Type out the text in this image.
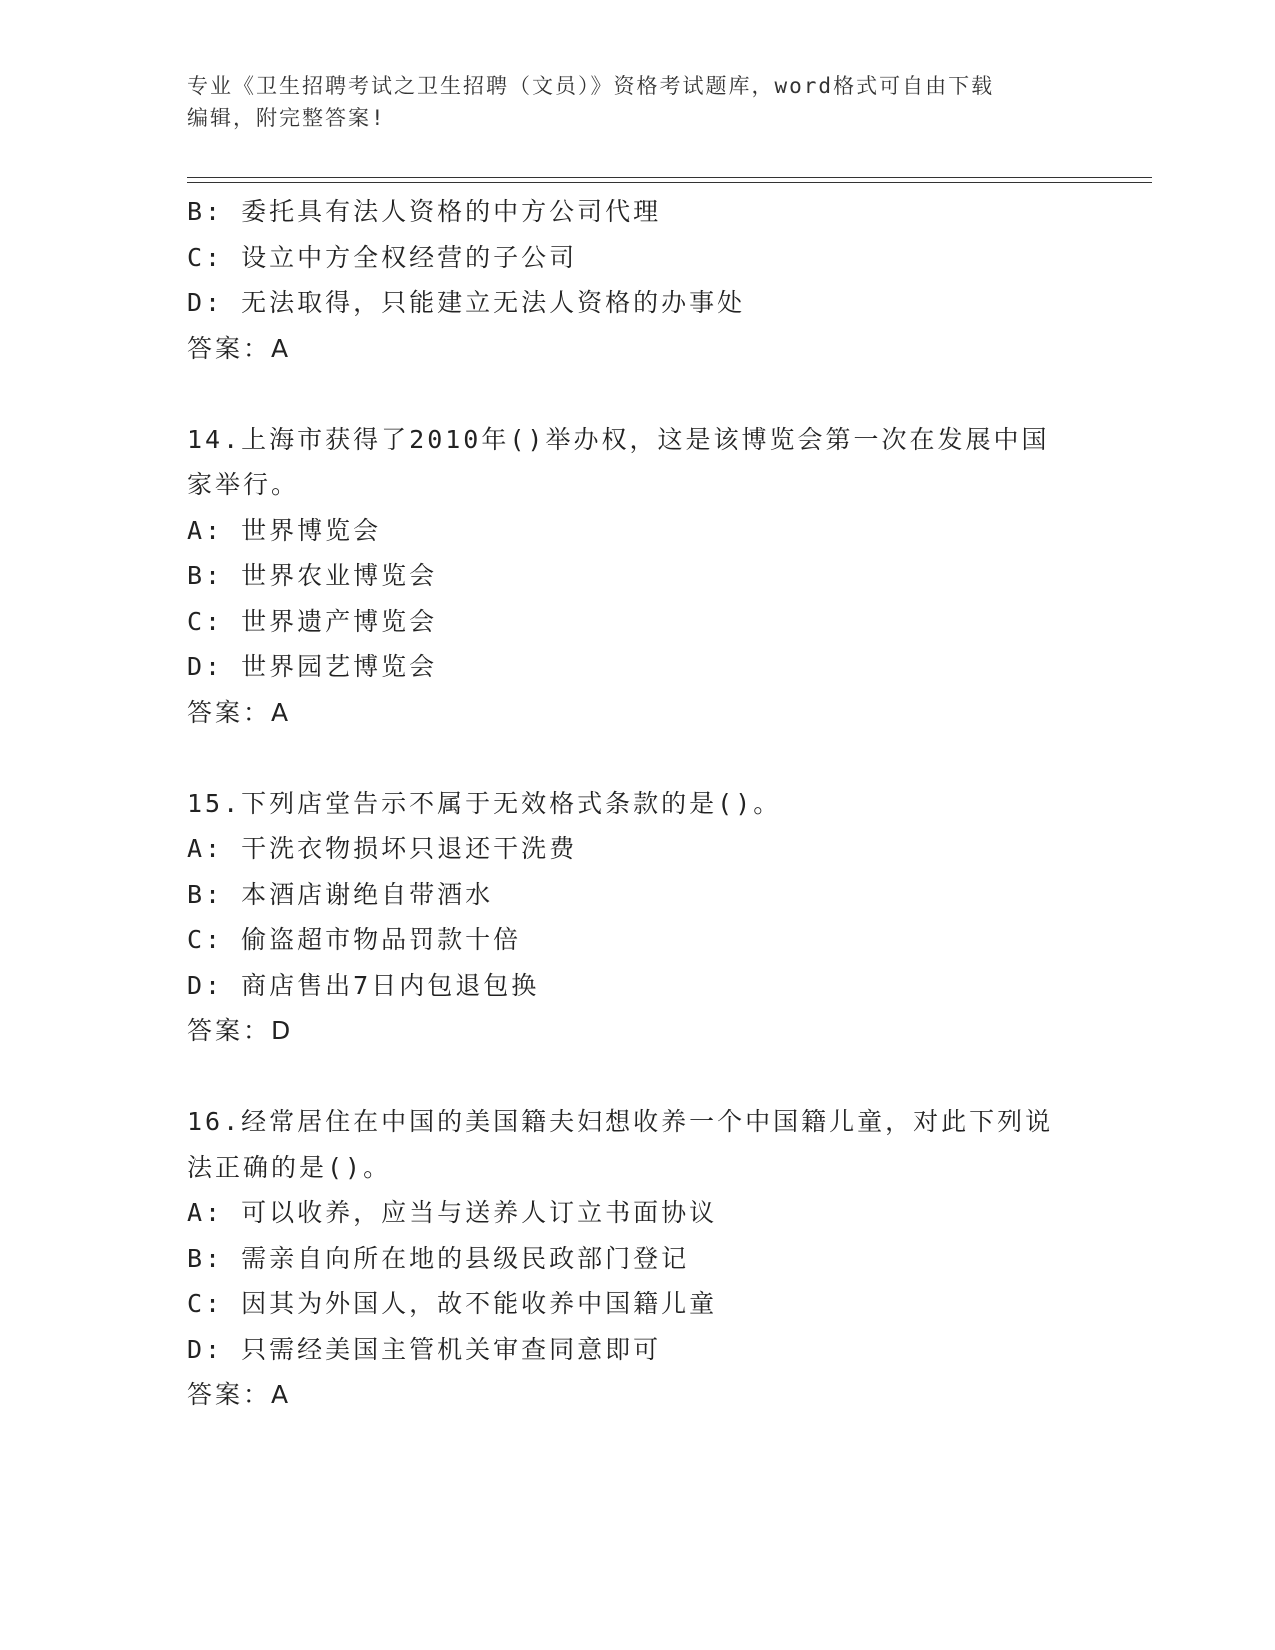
专业《卫生招聘考试之卫生招聘（文员）》资格考试题库，word格式可自由下载
编辑，附完整答案!
B: 委托具有法人资格的中方公司代理
C: 设立中方全权经营的子公司
D: 无法取得，只能建立无法人资格的办事处
答案：A
14.上海市获得了2010年()举办权，这是该博览会第一次在发展中国
家举行。
A: 世界博览会
B: 世界农业博览会
C: 世界遗产博览会
D: 世界园艺博览会
答案：A
15.下列店堂告示不属于无效格式条款的是()。
A: 干洗衣物损坏只退还干洗费
B: 本酒店谢绝自带酒水
C: 偷盗超市物品罚款十倍
D: 商店售出7日内包退包换
答案：D
16.经常居住在中国的美国籍夫妇想收养一个中国籍儿童，对此下列说
法正确的是()。
A: 可以收养，应当与送养人订立书面协议
B: 需亲自向所在地的县级民政部门登记
C: 因其为外国人，故不能收养中国籍儿童
D: 只需经美国主管机关审查同意即可
答案：A
